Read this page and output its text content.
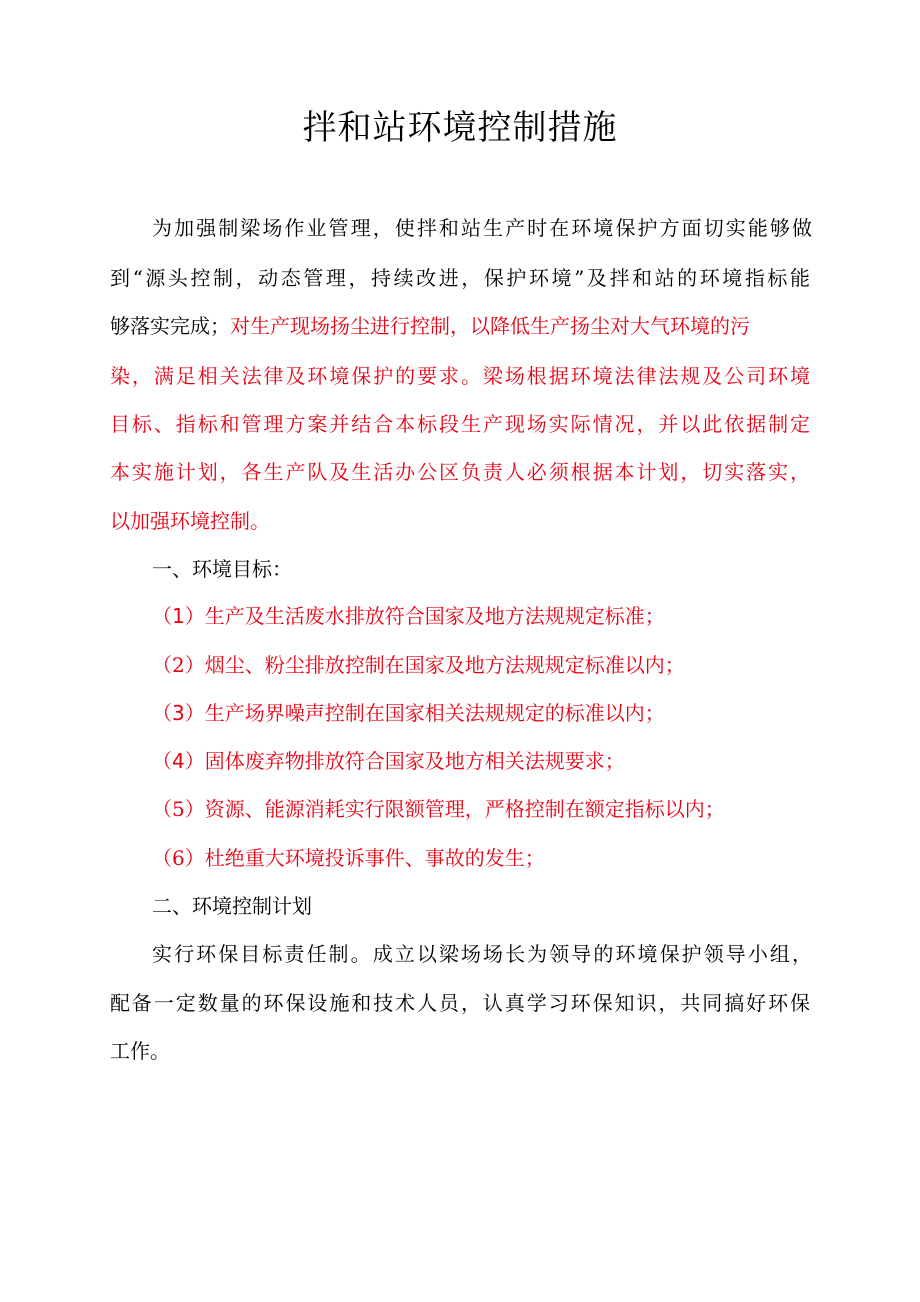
拌和站环境控制措施
为加强制梁场作业管理，使拌和站生产时在环境保护方面切实能够做
到“源头控制，动态管理，持续改进，保护环境”及拌和站的环境指标能
够落实完成；对生产现场扬尘进行控制，以降低生产扬尘对大气环境的污
染，满足相关法律及环境保护的要求。梁场根据环境法律法规及公司环境
目标、指标和管理方案并结合本标段生产现场实际情况，并以此依据制定
本实施计划，各生产队及生活办公区负责人必须根据本计划，切实落实，
以加强环境控制。
一、环境目标：
（1）生产及生活废水排放符合国家及地方法规规定标准；
（2）烟尘、粉尘排放控制在国家及地方法规规定标准以内；
（3）生产场界噪声控制在国家相关法规规定的标准以内；
（4）固体废弃物排放符合国家及地方相关法规要求；
（5）资源、能源消耗实行限额管理，严格控制在额定指标以内；
（6）杜绝重大环境投诉事件、事故的发生；
二、环境控制计划
实行环保目标责任制。成立以梁场场长为领导的环境保护领导小组，
配备一定数量的环保设施和技术人员，认真学习环保知识，共同搞好环保
工作。
